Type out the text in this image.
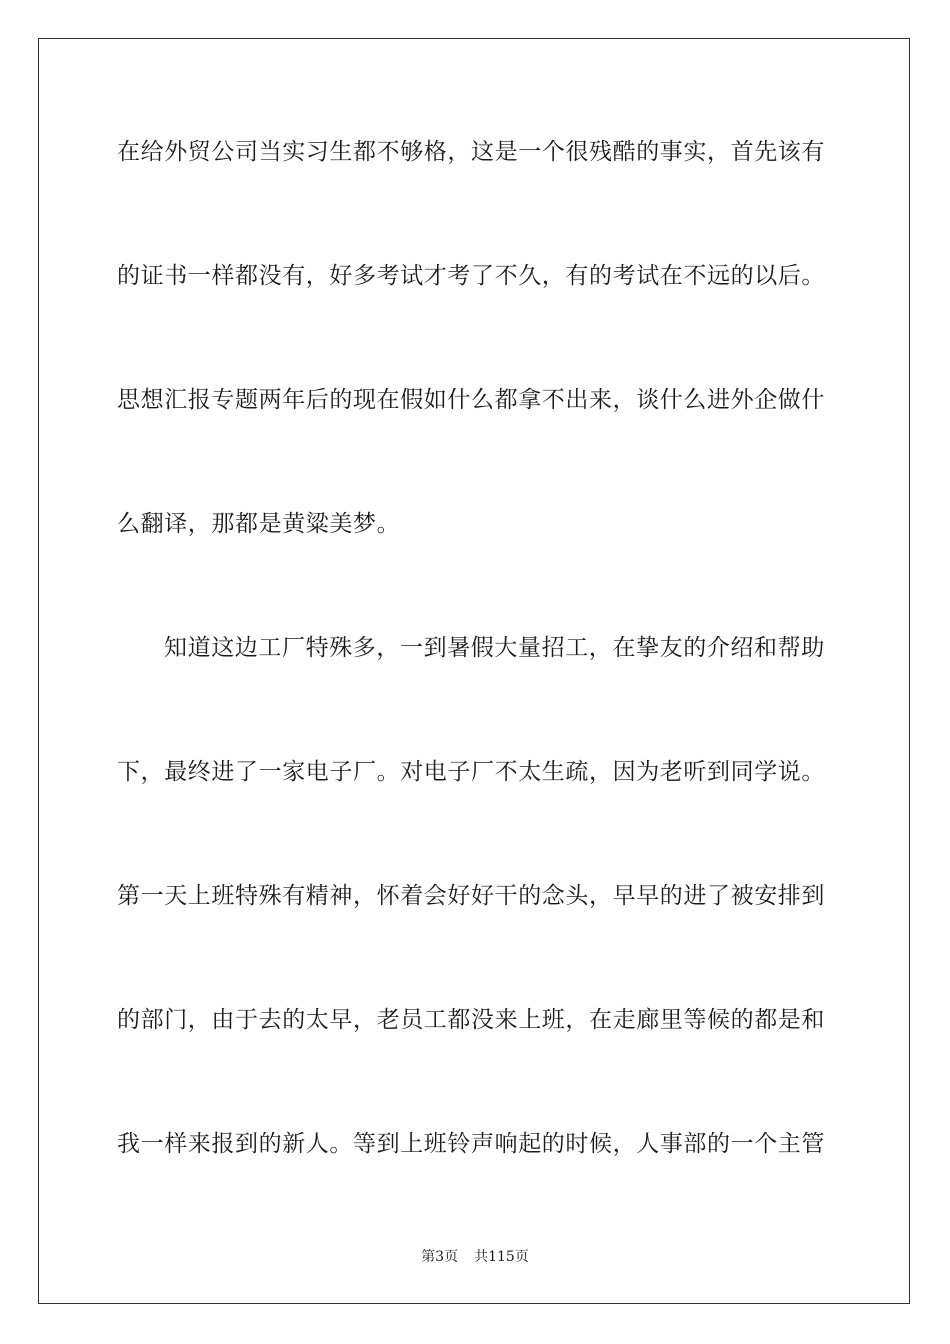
在给外贸公司当实习生都不够格，这是一个很残酷的事实，首先该有
的证书一样都没有，好多考试才考了不久，有的考试在不远的以后。
思想汇报专题两年后的现在假如什么都拿不出来，谈什么进外企做什
么翻译，那都是黄粱美梦。
知道这边工厂特殊多，一到暑假大量招工，在挚友的介绍和帮助
下，最终进了一家电子厂。对电子厂不太生疏，因为老听到同学说。
第一天上班特殊有精神，怀着会好好干的念头，早早的进了被安排到
的部门，由于去的太早，老员工都没来上班，在走廊里等候的都是和
我一样来报到的新人。等到上班铃声响起的时候，人事部的一个主管
第3页 共115页
